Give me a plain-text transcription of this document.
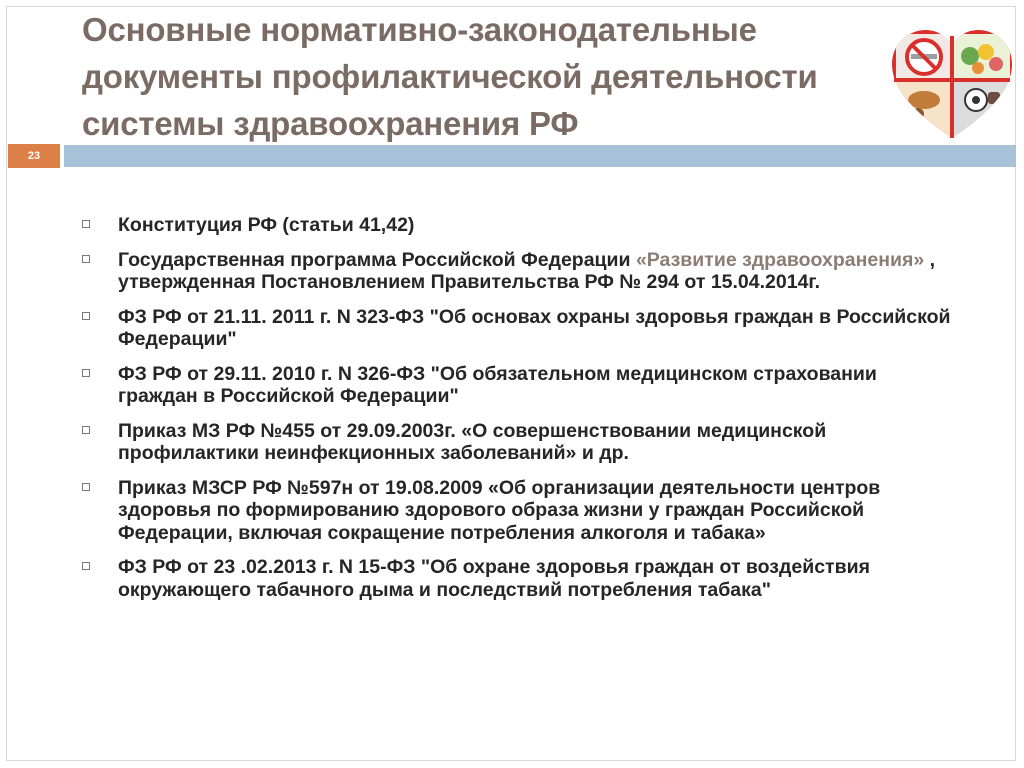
Основные нормативно-законодательные
документы профилактической деятельности
системы здравоохранения РФ
23
Конституция РФ (статьи 41,42)
Государственная программа Российской Федерации «Развитие здравоохранения» , утвержденная Постановлением Правительства РФ № 294 от 15.04.2014г.
ФЗ РФ от 21.11. 2011 г. N 323-ФЗ "Об основах охраны здоровья граждан в Российской Федерации"
ФЗ РФ от 29.11. 2010 г. N 326-ФЗ "Об обязательном медицинском страховании граждан в Российской Федерации"
Приказ МЗ РФ №455 от 29.09.2003г. «О совершенствовании медицинской профилактики неинфекционных заболеваний» и др.
Приказ МЗСР РФ №597н от 19.08.2009 «Об организации деятельности центров здоровья по формированию здорового образа жизни у граждан Российской Федерации, включая сокращение потребления алкоголя и табака»
ФЗ РФ от 23 .02.2013 г. N 15-ФЗ "Об охране здоровья граждан от воздействия окружающего табачного дыма и последствий потребления табака"
